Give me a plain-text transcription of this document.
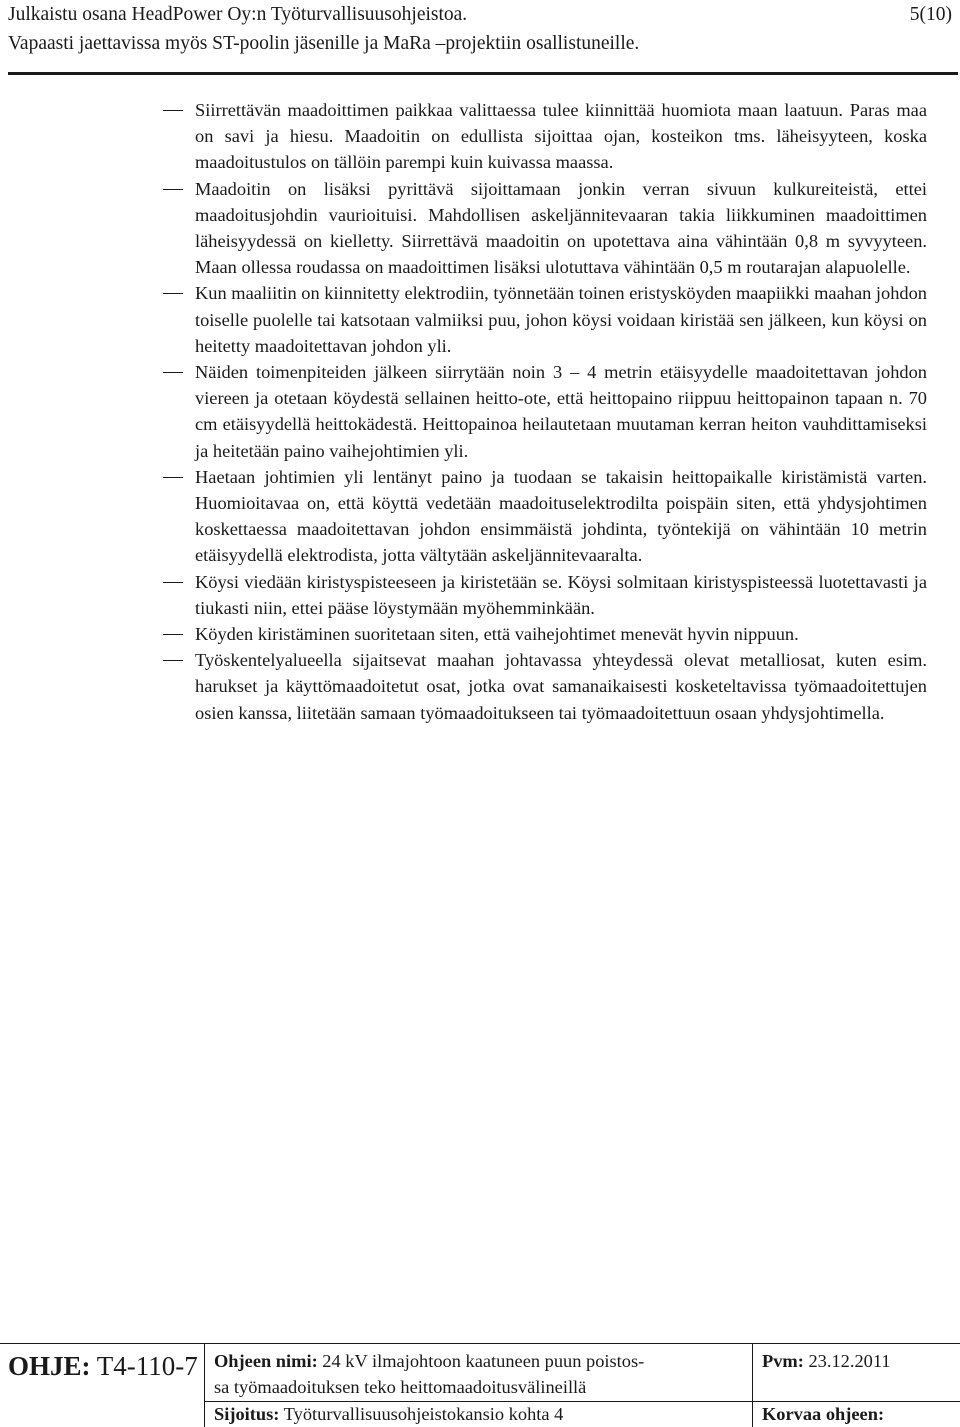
Julkaistu osana HeadPower Oy:n Työturvallisuusohjeistoa.	5(10)
Vapaasti jaettavissa myös ST-poolin jäsenille ja MaRa –projektiin osallistuneille.
Siirrettävän maadoittimen paikkaa valittaessa tulee kiinnittää huomiota maan laatuun. Paras maa on savi ja hiesu. Maadoitin on edullista sijoittaa ojan, kosteikon tms. läheisyyteen, koska maadoitustulos on tällöin parempi kuin kuivassa maassa.
Maadoitin on lisäksi pyrittävä sijoittamaan jonkin verran sivuun kulkureiteistä, ettei maadoitusjohdin vaurioituisi. Mahdollisen askeljännitevaaran takia liikkuminen maadoittimen läheisyydessä on kielletty. Siirrettävä maadoitin on upotettava aina vähintään 0,8 m syvyyteen. Maan ollessa roudassa on maadoittimen lisäksi ulotuttava vähintään 0,5 m routarajan alapuolelle.
Kun maaliitin on kiinnitetty elektrodiin, työnnetään toinen eristysköyden maapiikki maahan johdon toiselle puolelle tai katsotaan valmiiksi puu, johon köysi voidaan kiristää sen jälkeen, kun köysi on heitetty maadoitettavan johdon yli.
Näiden toimenpiteiden jälkeen siirrytään noin 3 – 4 metrin etäisyydelle maadoitettavan johdon viereen ja otetaan köydestä sellainen heitto-ote, että heittopaino riippuu heittopainon tapaan n. 70 cm etäisyydellä heittokädestä. Heittopainoa heilautetaan muutaman kerran heiton vauhdittamiseksi ja heitetään paino vaihejohtimien yli.
Haetaan johtimien yli lentänyt paino ja tuodaan se takaisin heittopaikalle kiristämistä varten. Huomioitavaa on, että köyttä vedetään maadoituselektrodilta poispäin siten, että yhdysjohtimen koskettaessa maadoitettavan johdon ensimmäistä johdinta, työntekijä on vähintään 10 metrin etäisyydellä elektrodista, jotta vältytään askeljännitevaaralta.
Köysi viedään kiristyspisteeseen ja kiristetään se. Köysi solmitaan kiristyspisteessä luotettavasti ja tiukasti niin, ettei pääse löystymään myöhemminkään.
Köyden kiristäminen suoritetaan siten, että vaihejohtimet menevät hyvin nippuun.
Työskentelyalueella sijaitsevat maahan johtavassa yhteydessä olevat metalliosat, kuten esim. harukset ja käyttömaadoitetut osat, jotka ovat samanaikaisesti kosketeltavissa työmaadoitettujen osien kanssa, liitetään samaan työmaadoitukseen tai työmaadoitettuun osaan yhdysjohtimella.
OHJE: T4-110-7 Ohjeen nimi: 24 kV ilmajohtoon kaatuneen puun poistos-
sa työmaadoituksen teko heittomaadoitusvälineillä
Pvm: 23.12.2011
Sijoitus: Työturvallisuusohjeistokansio kohta 4	Korvaa ohjeen:
